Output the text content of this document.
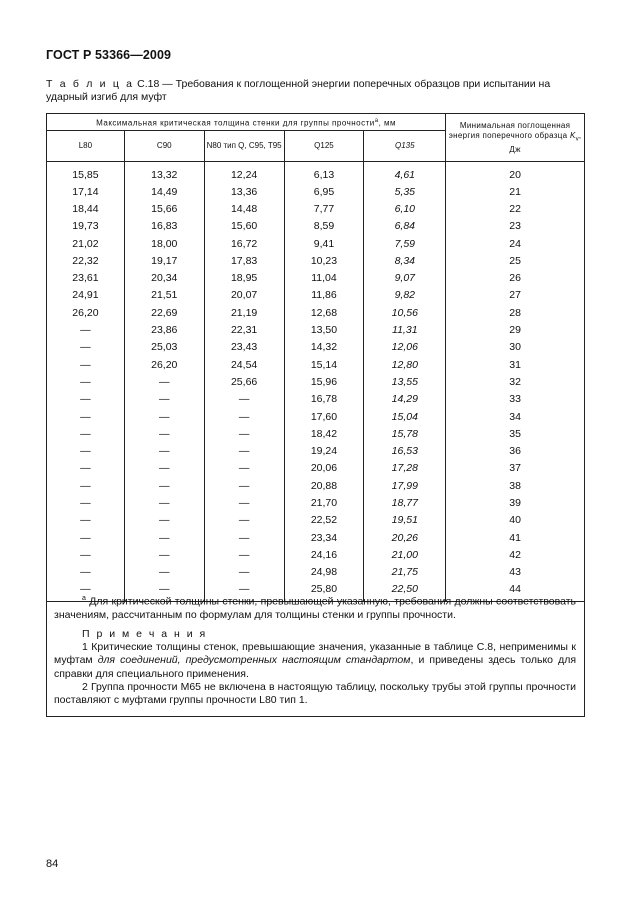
ГОСТ Р 53366—2009
Т а б л и ц а С.18 — Требования к поглощенной энергии поперечных образцов при испытании на ударный изгиб для муфт
Максимальная критическая толщина стенки для группы прочности$^a$, мм					Минимальная поглощенная энергия поперечного образца $K_v$, Дж
L80	C90	N80 тип Q, C95, T95	Q125	Q135	
15,85	13,32	12,24	6,13	4,61	20
17,14	14,49	13,36	6,95	5,35	21
18,44	15,66	14,48	7,77	6,10	22
19,73	16,83	15,60	8,59	6,84	23
21,02	18,00	16,72	9,41	7,59	24
22,32	19,17	17,83	10,23	8,34	25
23,61	20,34	18,95	11,04	9,07	26
24,91	21,51	20,07	11,86	9,82	27
26,20	22,69	21,19	12,68	10,56	28
—	23,86	22,31	13,50	11,31	29
—	25,03	23,43	14,32	12,06	30
—	26,20	24,54	15,14	12,80	31
—	—	25,66	15,96	13,55	32
—	—	—	16,78	14,29	33
—	—	—	17,60	15,04	34
—	—	—	18,42	15,78	35
—	—	—	19,24	16,53	36
—	—	—	20,06	17,28	37
—	—	—	20,88	17,99	38
—	—	—	21,70	18,77	39
—	—	—	22,52	19,51	40
—	—	—	23,34	20,26	41
—	—	—	24,16	21,00	42
—	—	—	24,98	21,75	43
—	—	—	25,80	22,50	44

$^a$ Для критической толщины стенки, превышающей указанную, требования должны соответствовать значениям, рассчитанным по формулам для толщины стенки и группы прочности.

П р и м е ч а н и я

1 Критические толщины стенок, превышающие значения, указанные в таблице С.8, неприменимы к муфтам для соединений, предусмотренных настоящим стандартом, и приведены здесь только для справки для специального применения.

2 Группа прочности М65 не включена в настоящую таблицу, поскольку трубы этой группы прочности поставляют с муфтами группы прочности L80 тип 1.

84
